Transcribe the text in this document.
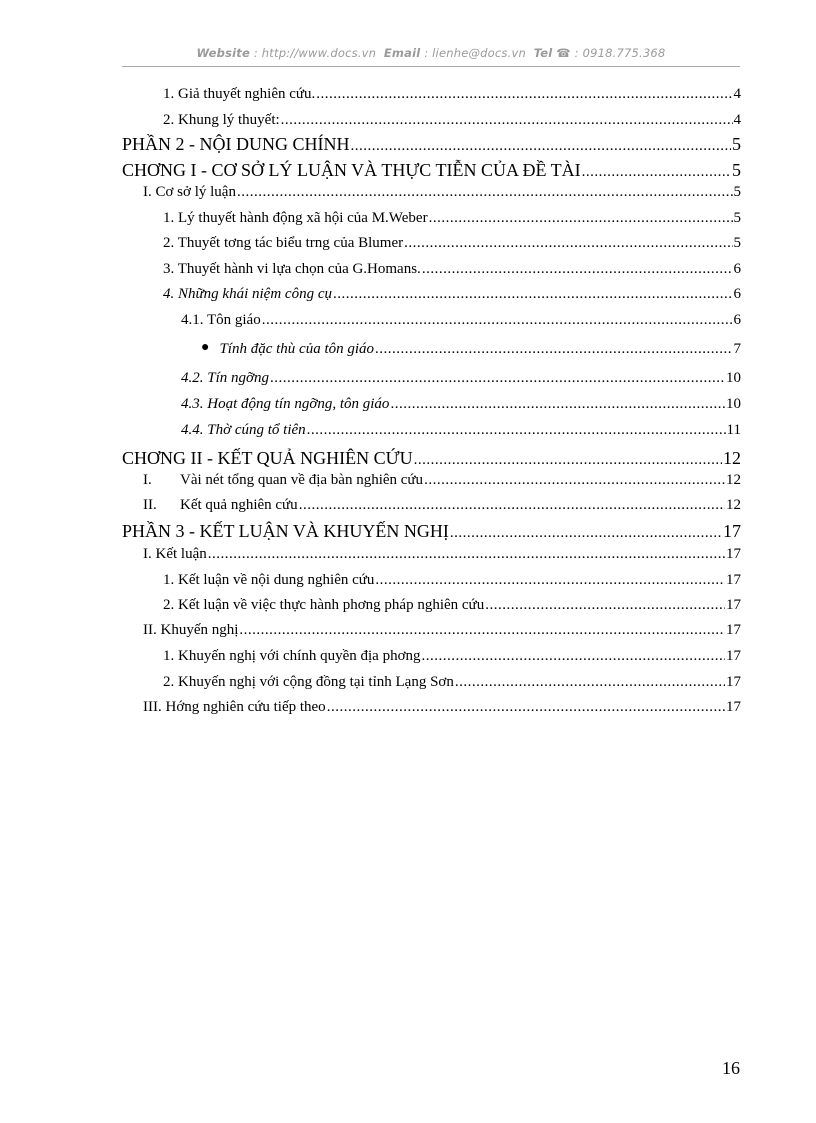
Website : http://www.docs.vn Email : lienhe@docs.vn Tel ☎ : 0918.775.368
1. Giả thuyết nghiên cứu. .....	4
2. Khung lý thuyết: .....	4
PHẦN 2 - NỘI DUNG CHÍNH .....	5
CHƠNG I - CƠ SỞ LÝ LUẬN VÀ THỰC TIỄN CỦA ĐỀ TÀI .....	5
I. Cơ sở lý luận .....	5
1. Lý thuyết hành động xã hội của M.Weber .....	5
2. Thuyết tơng tác biểu trng của Blumer .....	5
3. Thuyết hành vi lựa chọn của G.Homans. .....	6
4. Những khái niệm công cụ .....	6
4.1. Tôn giáo .....	6
● Tính đặc thù của tôn giáo .....	7
4.2. Tín ngỡng .....	10
4.3. Hoạt động tín ngỡng, tôn giáo .....	10
4.4. Thờ cúng tổ tiên .....	11
CHƠNG II - KẾT QUẢ NGHIÊN CỨU .....	12
I. Vài nét tổng quan về địa bàn nghiên cứu .....	12
II. Kết quả nghiên cứu .....	12
PHẦN 3 - KẾT LUẬN VÀ KHUYẾN NGHỊ .....	17
I. Kết luận .....	17
1. Kết luận về nội dung nghiên cứu .....	17
2. Kết luận về việc thực hành phơng pháp nghiên cứu .....	17
II. Khuyến nghị .....	17
1. Khuyến nghị với chính quyền địa phơng .....	17
2. Khuyến nghị với cộng đồng tại tỉnh Lạng Sơn .....	17
III. Hớng nghiên cứu tiếp theo .....	17
16
